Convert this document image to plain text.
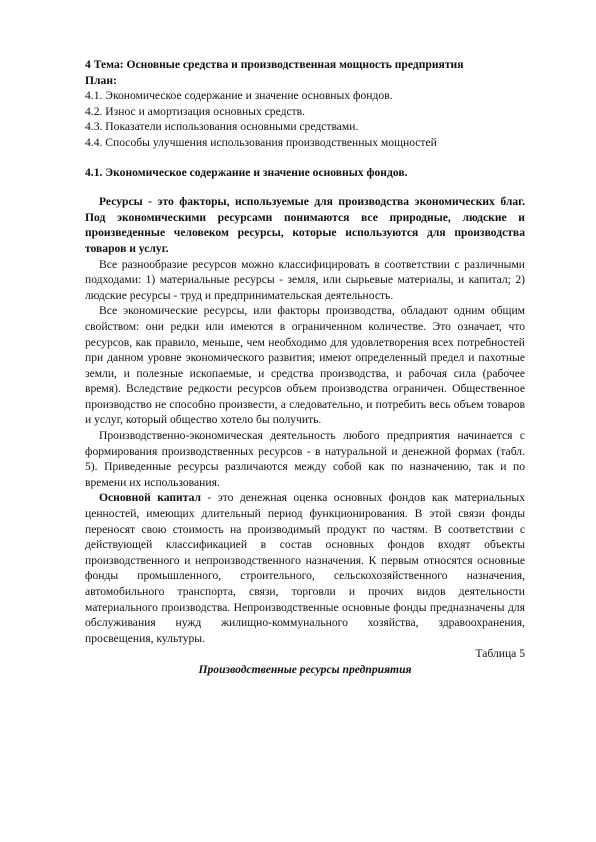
4 Тема: Основные средства и производственная мощность предприятия

План:

4.1. Экономическое содержание и значение основных фондов.

4.2. Износ и амортизация основных средств.

4.3. Показатели использования основными средствами.

4.4. Способы улучшения использования производственных мощностей

4.1. Экономическое содержание и значение основных фондов.

Ресурсы - это факторы, используемые для производства экономических благ. Под экономическими ресурсами понимаются все природные, людские и произведенные человеком ресурсы, которые используются для производства товаров и услуг.

Все разнообразие ресурсов можно классифицировать в соответствии с различными подходами: 1) материальные ресурсы - земля, или сырьевые материалы, и капитал; 2) людские ресурсы - труд и предпринимательская деятельность.

Все экономические ресурсы, или факторы производства, обладают одним общим свойством: они редки или имеются в ограниченном количестве. Это означает, что ресурсов, как правило, меньше, чем необходимо для удовлетворения всех потребностей при данном уровне экономического развития; имеют определенный предел и пахотные земли, и полезные ископаемые, и средства производства, и рабочая сила (рабочее время). Вследствие редкости ресурсов объем производства ограничен. Общественное производство не способно произвести, а следовательно, и потребить весь объем товаров и услуг, который общество хотело бы получить.

Производственно-экономическая деятельность любого предприятия начинается с формирования производственных ресурсов - в натуральной и денежной формах (табл. 5). Приведенные ресурсы различаются между собой как по назначению, так и по времени их использования.

Основной капитал - это денежная оценка основных фондов как материальных ценностей, имеющих длительный период функционирования. В этой связи фонды переносят свою стоимость на производимый продукт по частям. В соответствии с действующей классификацией в состав основных фондов входят объекты производственного и непроизводственного назначения. К первым относятся основные фонды промышленного, строительного, сельскохозяйственного назначения, автомобильного транспорта, связи, торговли и прочих видов деятельности материального производства. Непроизводственные основные фонды предназначены для обслуживания нужд жилищно-коммунального хозяйства, здравоохранения, просвещения, культуры.

Таблица 5

Производственные ресурсы предприятия
